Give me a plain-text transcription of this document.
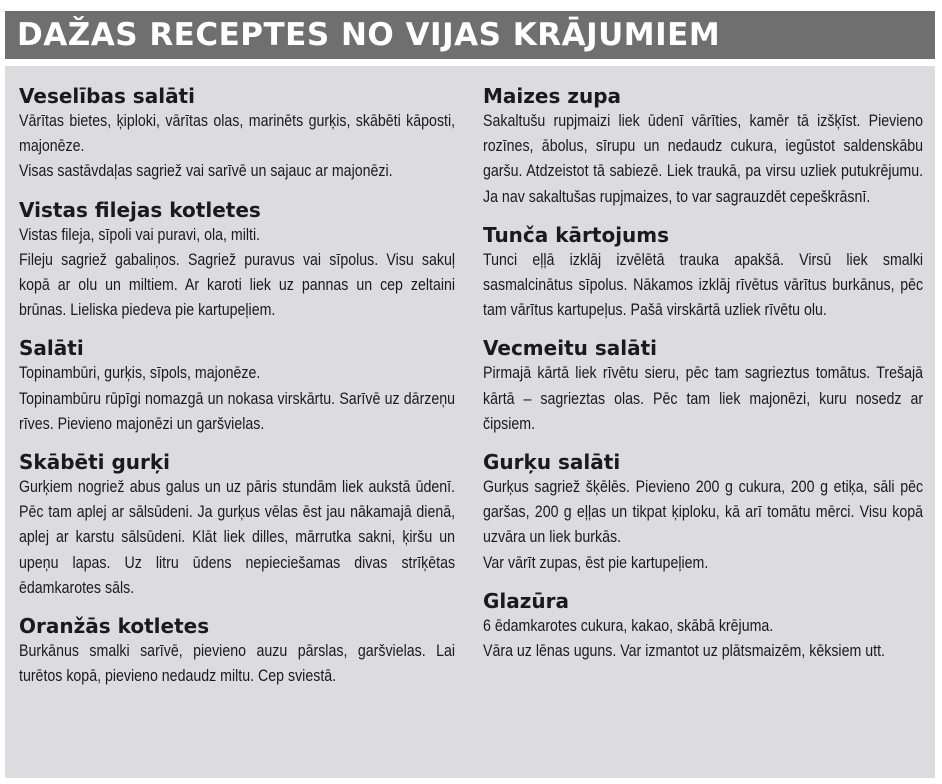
DAŽAS RECEPTES NO VIJAS KRĀJUMIEM
Veselības salāti

Vārītas bietes, ķiploki, vārītas olas, marinēts gurķis, skābēti kāposti, majonēze.

Visas sastāvdaļas sagriež vai sarīvē un sajauc ar majonēzi.

Vistas filejas kotletes

Vistas fileja, sīpoli vai puravi, ola, milti.

Fileju sagriež gabaliņos. Sagriež puravus vai sīpolus. Visu sakuļ kopā ar olu un miltiem. Ar karoti liek uz pannas un cep zeltaini brūnas. Lieliska piedeva pie kartupeļiem.

Salāti

Topinambūri, gurķis, sīpols, majonēze.

Topinambūru rūpīgi nomazgā un nokasa virskārtu. Sarīvē uz dārzeņu rīves. Pievieno majonēzi un garšvielas.

Skābēti gurķi

Gurķiem nogriež abus galus un uz pāris stundām liek aukstā ūdenī. Pēc tam aplej ar sālsūdeni. Ja gurķus vēlas ēst jau nākamajā dienā, aplej ar karstu sālsūdeni. Klāt liek dilles, mārrutka sakni, ķiršu un upeņu lapas. Uz litru ūdens nepieciešamas divas strīķētas ēdamkarotes sāls.

Oranžās kotletes

Burkānus smalki sarīvē, pievieno auzu pārslas, garšvielas. Lai turētos kopā, pievieno nedaudz miltu. Cep sviestā.

Maizes zupa

Sakaltušu rupjmaizi liek ūdenī vārīties, kamēr tā izšķīst. Pievieno rozīnes, ābolus, sīrupu un nedaudz cukura, iegūstot saldenskābu garšu. Atdzeistot tā sabiezē. Liek traukā, pa virsu uzliek putukrējumu. Ja nav sakaltušas rupjmaizes, to var sagrauzdēt cepeškrāsnī.

Tunča kārtojums

Tunci eļļā izklāj izvēlētā trauka apakšā. Virsū liek smalki sasmalcinātus sīpolus. Nākamos izklāj rīvētus vārītus burkānus, pēc tam vārītus kartupeļus. Pašā virskārtā uzliek rīvētu olu.

Vecmeitu salāti

Pirmajā kārtā liek rīvētu sieru, pēc tam sagrieztus tomātus. Trešajā kārtā – sagrieztas olas. Pēc tam liek majonēzi, kuru nosedz ar čipsiem.

Gurķu salāti

Gurķus sagriež šķēlēs. Pievieno 200 g cukura, 200 g etiķa, sāli pēc garšas, 200 g eļļas un tikpat ķiploku, kā arī tomātu mērci. Visu kopā uzvāra un liek burkās.

Var vārīt zupas, ēst pie kartupeļiem.

Glazūra

6 ēdamkarotes cukura, kakao, skābā krējuma.

Vāra uz lēnas uguns. Var izmantot uz plātsmaizēm, kēksiem utt.
